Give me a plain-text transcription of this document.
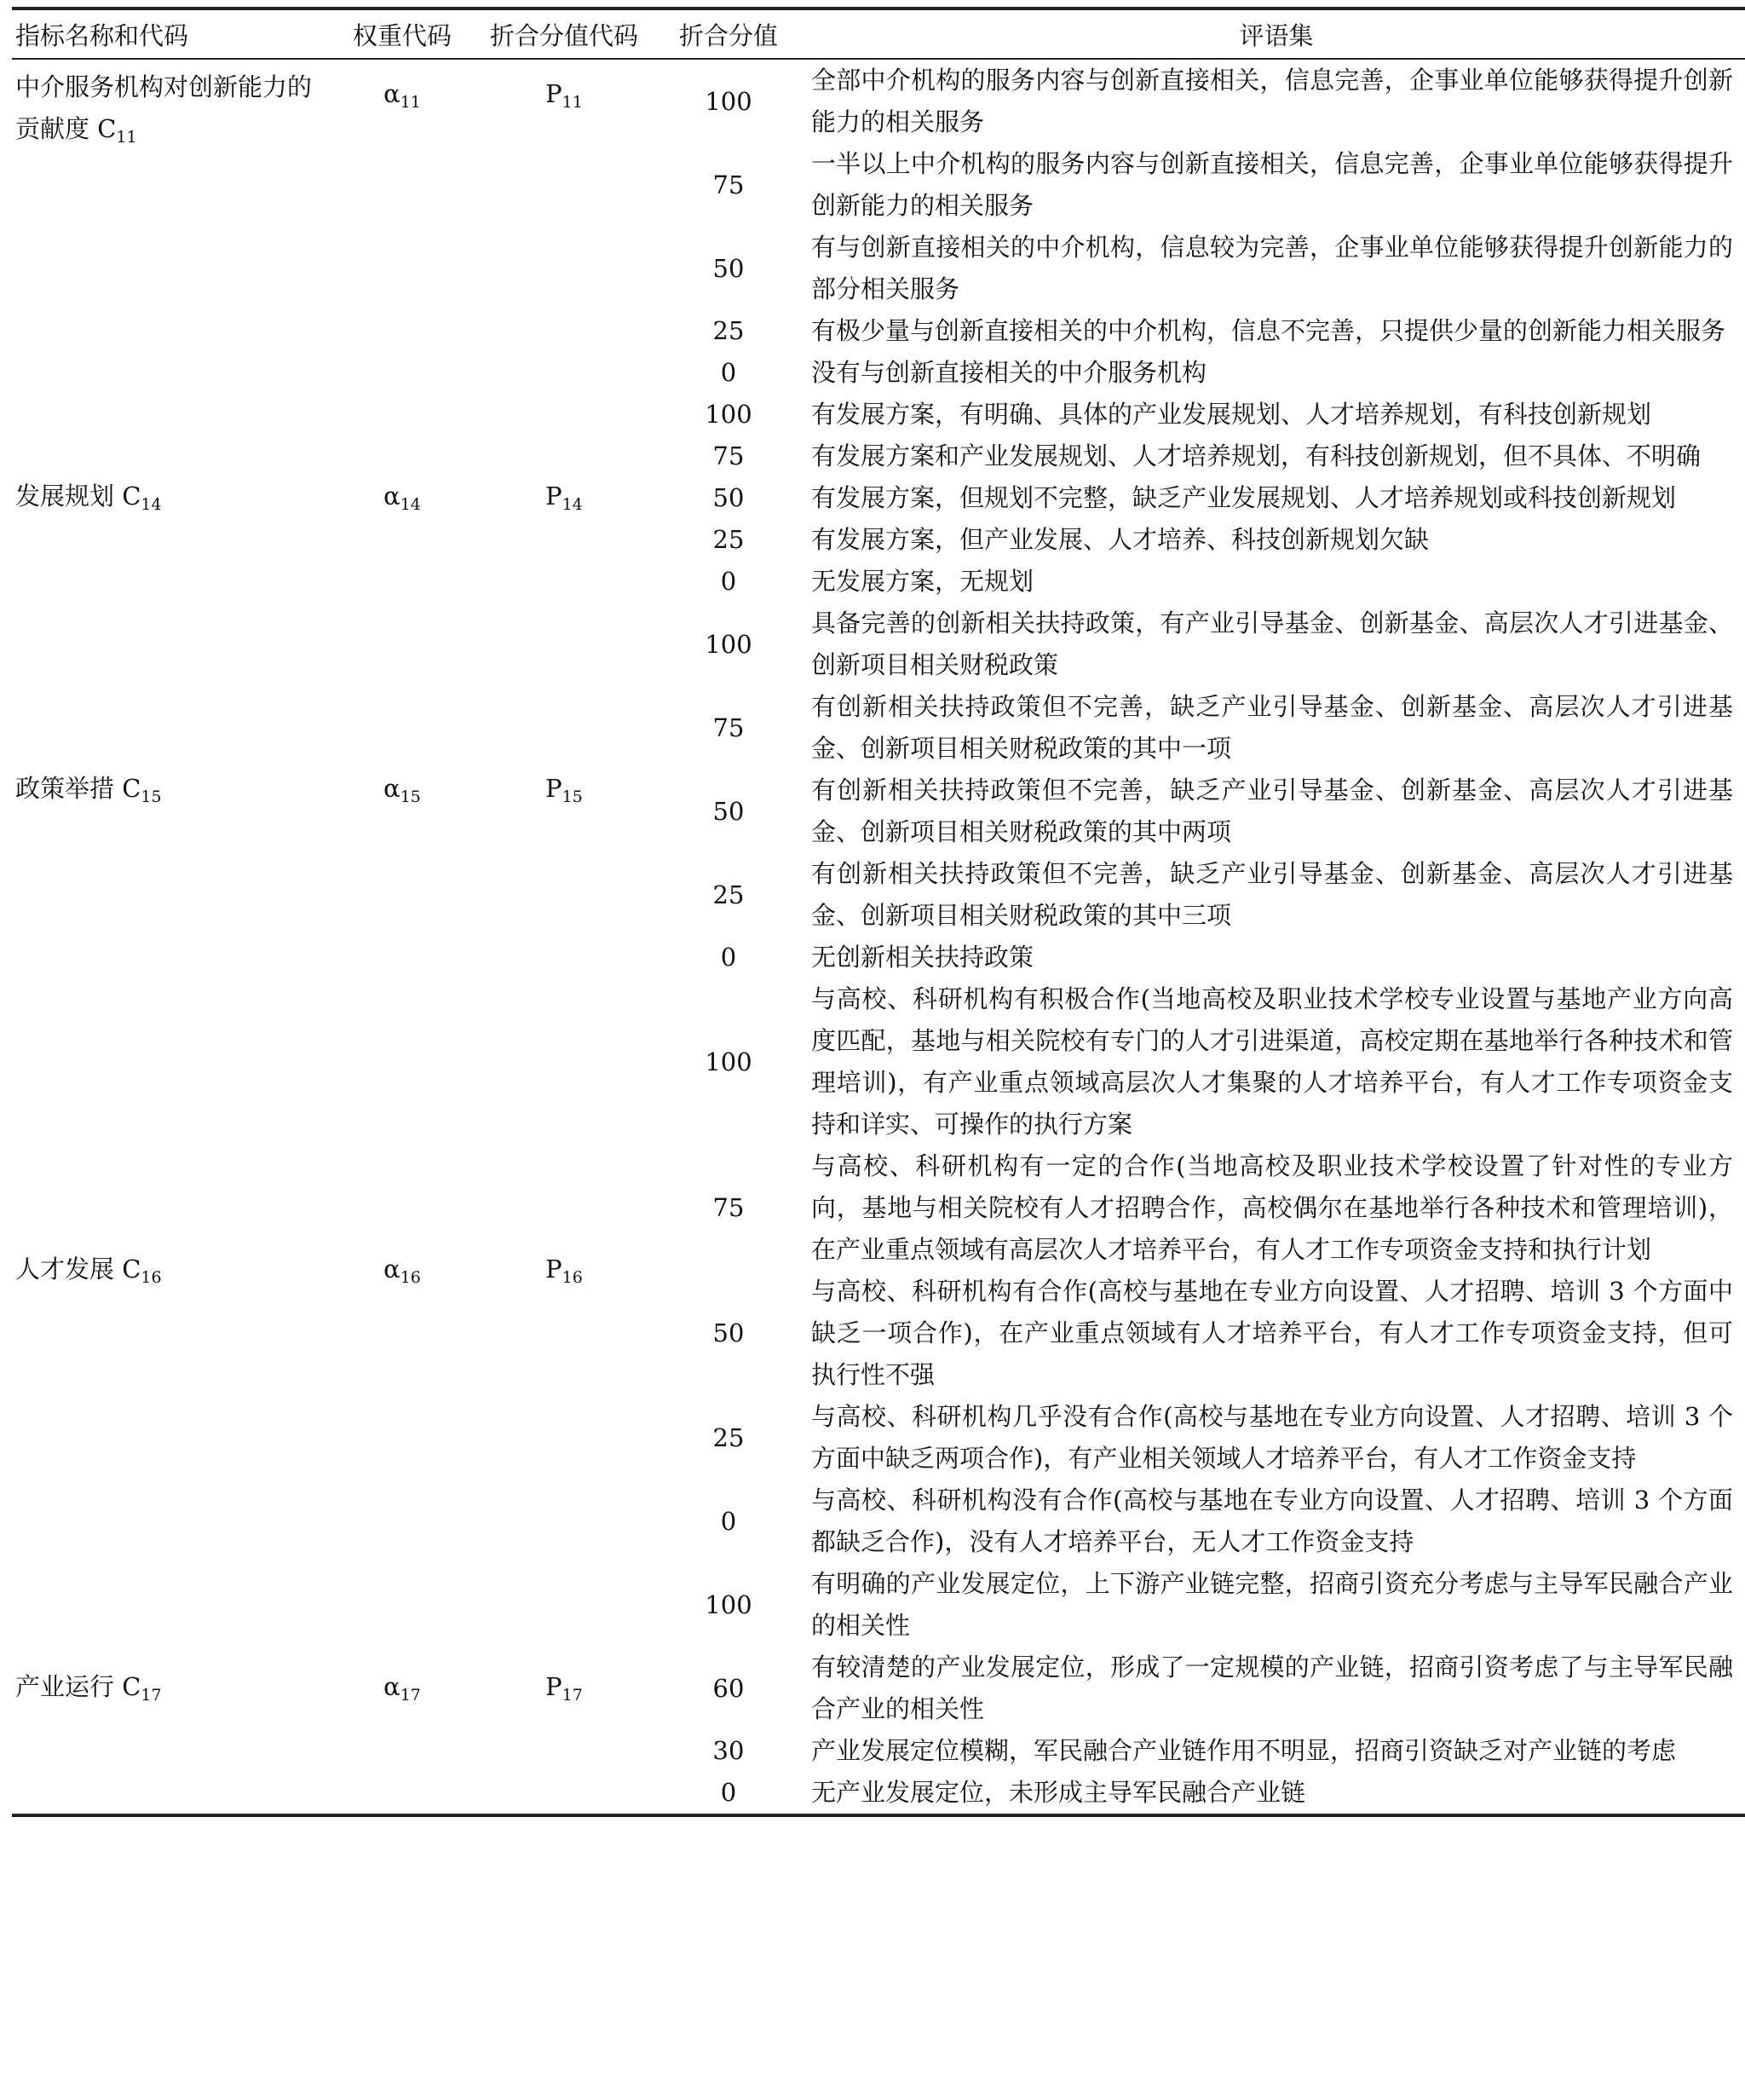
指标名称和代码	权重代码	折合分值代码	折合分值	评语集
中介服务机构对创新能力的贡献度 $C_{11}$	$\alpha_{11}$	$P_{11}$	100	全部中介机构的服务内容与创新直接相关，信息完善，企事业单位能够获得提升创新能力的相关服务
			75	一半以上中介机构的服务内容与创新直接相关，信息完善，企事业单位能够获得提升创新能力的相关服务
			50	有与创新直接相关的中介机构，信息较为完善，企事业单位能够获得提升创新能力的部分相关服务
			25	有极少量与创新直接相关的中介机构，信息不完善，只提供少量的创新能力相关服务
			0	没有与创新直接相关的中介服务机构
发展规划 $C_{14}$	$\alpha_{14}$	$P_{14}$	100	有发展方案，有明确、具体的产业发展规划、人才培养规划，有科技创新规划
			75	有发展方案和产业发展规划、人才培养规划，有科技创新规划，但不具体、不明确
			50	有发展方案，但规划不完整，缺乏产业发展规划、人才培养规划或科技创新规划
			25	有发展方案，但产业发展、人才培养、科技创新规划欠缺
			0	无发展方案，无规划
政策举措 $C_{15}$	$\alpha_{15}$	$P_{15}$	100	具备完善的创新相关扶持政策，有产业引导基金、创新基金、高层次人才引进基金、创新项目相关财税政策
			75	有创新相关扶持政策但不完善，缺乏产业引导基金、创新基金、高层次人才引进基金、创新项目相关财税政策的其中一项
			50	有创新相关扶持政策但不完善，缺乏产业引导基金、创新基金、高层次人才引进基金、创新项目相关财税政策的其中两项
			25	有创新相关扶持政策但不完善，缺乏产业引导基金、创新基金、高层次人才引进基金、创新项目相关财税政策的其中三项
			0	无创新相关扶持政策
人才发展 $C_{16}$	$\alpha_{16}$	$P_{16}$	100	与高校、科研机构有积极合作(当地高校及职业技术学校专业设置与基地产业方向高度匹配，基地与相关院校有专门的人才引进渠道，高校定期在基地举行各种技术和管理培训)，有产业重点领域高层次人才集聚的人才培养平台，有人才工作专项资金支持和详实、可操作的执行方案
			75	与高校、科研机构有一定的合作(当地高校及职业技术学校设置了针对性的专业方向，基地与相关院校有人才招聘合作，高校偶尔在基地举行各种技术和管理培训)，在产业重点领域有高层次人才培养平台，有人才工作专项资金支持和执行计划
			50	与高校、科研机构有合作(高校与基地在专业方向设置、人才招聘、培训 3 个方面中缺乏一项合作)，在产业重点领域有人才培养平台，有人才工作专项资金支持，但可执行性不强
			25	与高校、科研机构几乎没有合作(高校与基地在专业方向设置、人才招聘、培训 3 个方面中缺乏两项合作)，有产业相关领域人才培养平台，有人才工作资金支持
			0	与高校、科研机构没有合作(高校与基地在专业方向设置、人才招聘、培训 3 个方面都缺乏合作)，没有人才培养平台，无人才工作资金支持
产业运行 $C_{17}$	$\alpha_{17}$	$P_{17}$	100	有明确的产业发展定位，上下游产业链完整，招商引资充分考虑与主导军民融合产业的相关性
			60	有较清楚的产业发展定位，形成了一定规模的产业链，招商引资考虑了与主导军民融合产业的相关性
			30	产业发展定位模糊，军民融合产业链作用不明显，招商引资缺乏对产业链的考虑
			0	无产业发展定位，未形成主导军民融合产业链
